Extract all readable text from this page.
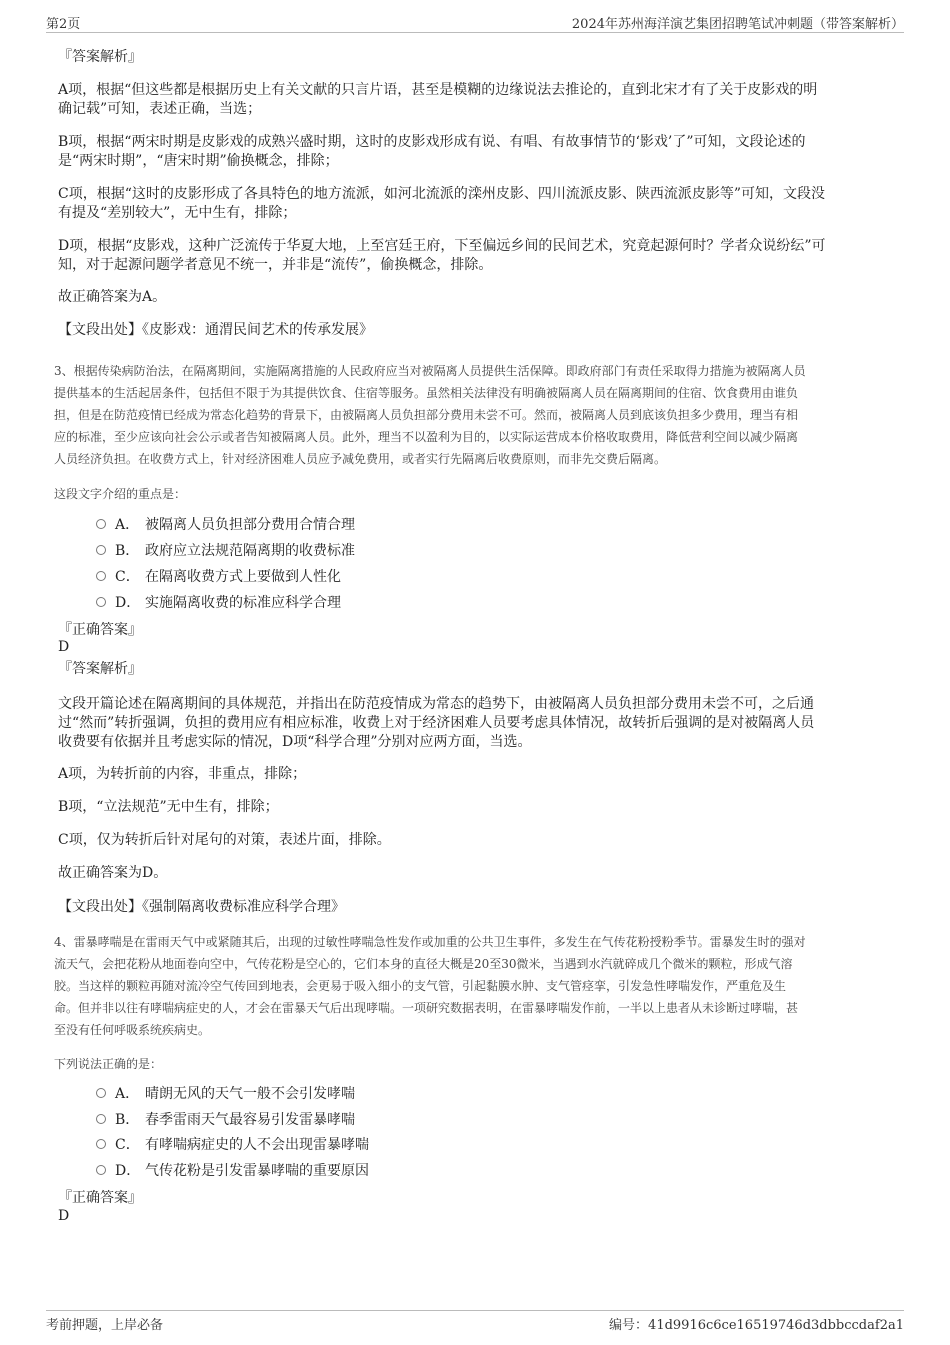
第2页	2024年苏州海洋演艺集团招聘笔试冲刺题（带答案解析）

『答案解析』

A项，根据“但这些都是根据历史上有关文献的只言片语，甚至是模糊的边缘说法去推论的，直到北宋才有了关于皮影戏的明

确记载”可知，表述正确，当选；

B项，根据“两宋时期是皮影戏的成熟兴盛时期，这时的皮影戏形成有说、有唱、有故事情节的‘影戏’了”可知，文段论述的

是“两宋时期”，“唐宋时期”偷换概念，排除；

C项，根据“这时的皮影形成了各具特色的地方流派，如河北流派的滦州皮影、四川流派皮影、陕西流派皮影等”可知，文段没

有提及“差别较大”，无中生有，排除；

D项，根据“皮影戏，这种广泛流传于华夏大地，上至宫廷王府，下至偏远乡间的民间艺术，究竟起源何时？学者众说纷纭”可

知，对于起源问题学者意见不统一，并非是“流传”，偷换概念，排除。

故正确答案为A。

【文段出处】《皮影戏：通渭民间艺术的传承发展》

3、根据传染病防治法，在隔离期间，实施隔离措施的人民政府应当对被隔离人员提供生活保障。即政府部门有责任采取得力措施为被隔离人员

提供基本的生活起居条件，包括但不限于为其提供饮食、住宿等服务。虽然相关法律没有明确被隔离人员在隔离期间的住宿、饮食费用由谁负

担，但是在防范疫情已经成为常态化趋势的背景下，由被隔离人员负担部分费用未尝不可。然而，被隔离人员到底该负担多少费用，理当有相

应的标准，至少应该向社会公示或者告知被隔离人员。此外，理当不以盈利为目的，以实际运营成本价格收取费用，降低营利空间以减少隔离

人员经济负担。在收费方式上，针对经济困难人员应予减免费用，或者实行先隔离后收费原则，而非先交费后隔离。

这段文字介绍的重点是：

A． 被隔离人员负担部分费用合情合理
B． 政府应立法规范隔离期的收费标准
C． 在隔离收费方式上要做到人性化
D． 实施隔离收费的标准应科学合理

『正确答案』

D

『答案解析』

文段开篇论述在隔离期间的具体规范，并指出在防范疫情成为常态的趋势下，由被隔离人员负担部分费用未尝不可，之后通

过“然而”转折强调，负担的费用应有相应标准，收费上对于经济困难人员要考虑具体情况，故转折后强调的是对被隔离人员

收费要有依据并且考虑实际的情况，D项“科学合理”分别对应两方面，当选。

A项，为转折前的内容，非重点，排除；

B项，“立法规范”无中生有，排除；

C项，仅为转折后针对尾句的对策，表述片面，排除。

故正确答案为D。

【文段出处】《强制隔离收费标准应科学合理》

4、雷暴哮喘是在雷雨天气中或紧随其后，出现的过敏性哮喘急性发作或加重的公共卫生事件，多发生在气传花粉授粉季节。雷暴发生时的强对

流天气，会把花粉从地面卷向空中，气传花粉是空心的，它们本身的直径大概是20至30微米，当遇到水汽就碎成几个微米的颗粒，形成气溶

胶。当这样的颗粒再随对流冷空气传回到地表，会更易于吸入细小的支气管，引起黏膜水肿、支气管痉挛，引发急性哮喘发作，严重危及生

命。但并非以往有哮喘病症史的人，才会在雷暴天气后出现哮喘。一项研究数据表明，在雷暴哮喘发作前，一半以上患者从未诊断过哮喘，甚

至没有任何呼吸系统疾病史。

下列说法正确的是：

A． 晴朗无风的天气一般不会引发哮喘
B． 春季雷雨天气最容易引发雷暴哮喘
C． 有哮喘病症史的人不会出现雷暴哮喘
D． 气传花粉是引发雷暴哮喘的重要原因

『正确答案』

D

考前押题，上岸必备	编号：41d9916c6ce16519746d3dbbccdaf2a1
